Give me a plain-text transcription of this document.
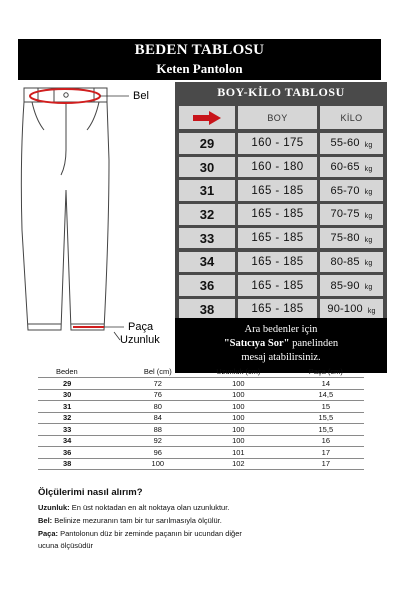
BEDEN TABLOSU
Keten Pantolon
Bel
Paça
Uzunluk
BOY-KİLO TABLOSU
BOY	KİLO
29	160 - 175	55-60 kg
30	160 - 180	60-65 kg
31	165 - 185	65-70 kg
32	165 - 185	70-75 kg
33	165 - 185	75-80 kg
34	165 - 185	80-85 kg
36	165 - 185	85-90 kg
38	165 - 185	90-100 kg
Ara bedenler için
"Satıcıya Sor" panelinden
mesaj atabilirsiniz.
Beden	Bel (cm)	Uzunluk (cm)	Paça (cm)
29	72	100	14
30	76	100	14,5
31	80	100	15
32	84	100	15,5
33	88	100	15,5
34	92	100	16
36	96	101	17
38	100	102	17
Ölçülerimi nasıl alırım?
Uzunluk: En üst noktadan en alt noktaya olan uzunluktur.
Bel: Belinize mezuranın tam bir tur sarılmasıyla ölçülür.
Paça: Pantolonun düz bir zeminde paçanın bir ucundan diğer
ucuna ölçüsüdür
